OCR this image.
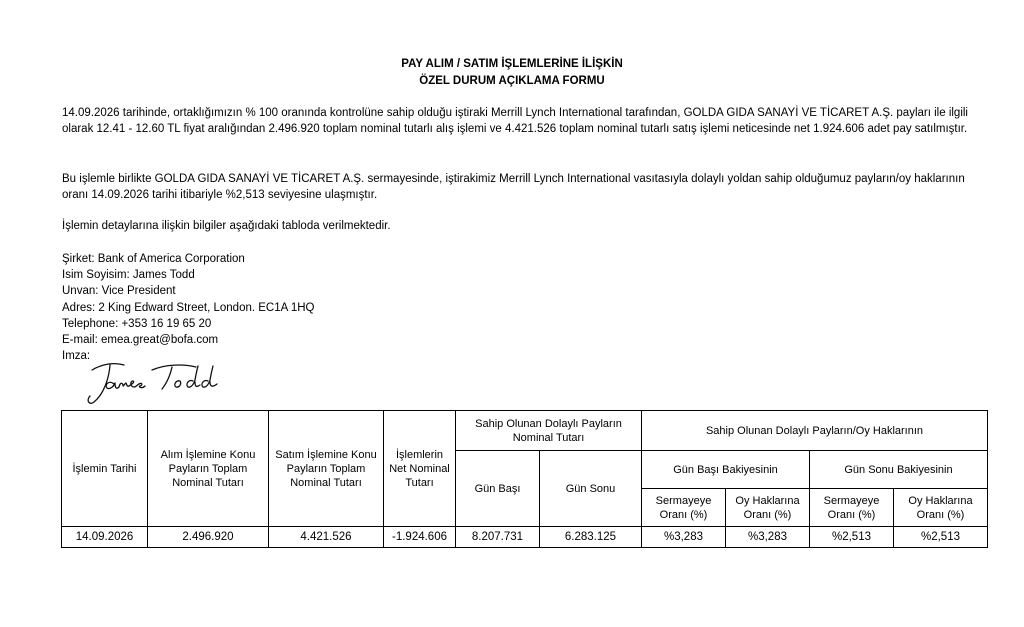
PAY ALIM / SATIM İŞLEMLERİNE İLİŞKİN
ÖZEL DURUM AÇIKLAMA FORMU

14.09.2026 tarihinde, ortaklığımızın % 100 oranında kontrolüne sahip olduğu iştiraki Merrill Lynch International tarafından, GOLDA GIDA SANAYİ VE TİCARET A.Ş. payları ile ilgili olarak 12.41 - 12.60 TL fiyat aralığından 2.496.920 toplam nominal tutarlı alış işlemi ve 4.421.526 toplam nominal tutarlı satış işlemi neticesinde net 1.924.606 adet pay satılmıştır.

Bu işlemle birlikte GOLDA GIDA SANAYİ VE TİCARET A.Ş. sermayesinde, iştirakimiz Merrill Lynch International vasıtasıyla dolaylı yoldan sahip olduğumuz payların/oy haklarının oranı 14.09.2026 tarihi itibariyle %2,513 seviyesine ulaşmıştır.

İşlemin detaylarına ilişkin bilgiler aşağıdaki tabloda verilmektedir.

Şirket: Bank of America Corporation
Isim Soyisim: James Todd
Unvan: Vice President
Adres: 2 King Edward Street, London. EC1A 1HQ
Telephone: +353 16 19 65 20
E-mail: emea.great@bofa.com
Imza:
İşlemin Tarihi	Alım İşlemine Konu Payların Toplam Nominal Tutarı	Satım İşlemine Konu Payların Toplam Nominal Tutarı	İşlemlerin Net Nominal Tutarı	Sahip Olunan Dolaylı Payların Nominal Tutarı		Sahip Olunan Dolaylı Payların/Oy Haklarının			
				Gün Başı	Gün Sonu	Gün Başı Bakiyesinin		Gün Sonu Bakiyesinin	
						Sermayeye Oranı (%)	Oy Haklarına Oranı (%)	Sermayeye Oranı (%)	Oy Haklarına Oranı (%)
14.09.2026	2.496.920	4.421.526	-1.924.606	8.207.731	6.283.125	%3,283	%3,283	%2,513	%2,513
